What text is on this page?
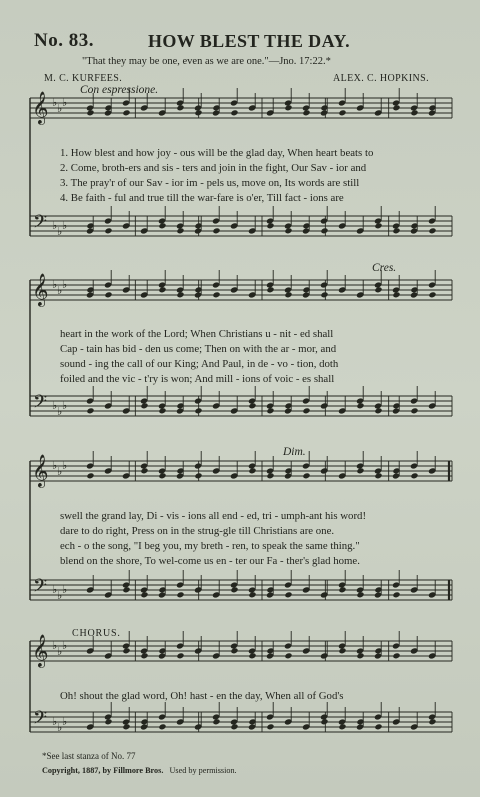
No. 83.	HOW BLEST THE DAY.
"That they may be one, even as we are one."—Jno. 17:22.*
M. C. KURFEES.	ALEX. C. HOPKINS.
𝄞
𝄢
♭
♭
♭
♭
♭
♭
𝄞
𝄢
♭
♭
♭
♭
♭
♭
𝄞
𝄢
♭
♭
♭
♭
♭
♭
𝄞
𝄢
♭
♭
♭
♭
♭
♭
Con espressione.
Cres.
Dim.
CHORUS.
1. How blest and how joy - ous will be the glad day, When heart beats to
2. Come, broth-ers and sis - ters and join in the fight, Our Sav - ior and
3. The pray'r of our Sav - ior im - pels us, move on, Its words are still
4. Be faith - ful and true till the war-fare is o'er, Till fact - ions are
heart in the work of the Lord; When Christians u - nit - ed shall
Cap - tain has bid - den us come; Then on with the ar - mor, and
sound - ing the call of our King; And Paul, in de - vo - tion, doth
foiled and the vic - t'ry is won; And mill - ions of voic - es shall
swell the grand lay, Di - vis - ions all end - ed, tri - umph-ant his word!
dare to do right, Press on in the strug-gle till Christians are one.
ech - o the song, "I beg you, my breth - ren, to speak the same thing."
blend on the shore, To wel-come us en - ter our Fa - ther's glad home.
Oh! shout the glad word, Oh! hast - en the day, When all of God's
*See last stanza of No. 77
Copyright, 1887, by Fillmore Bros. Used by permission.
